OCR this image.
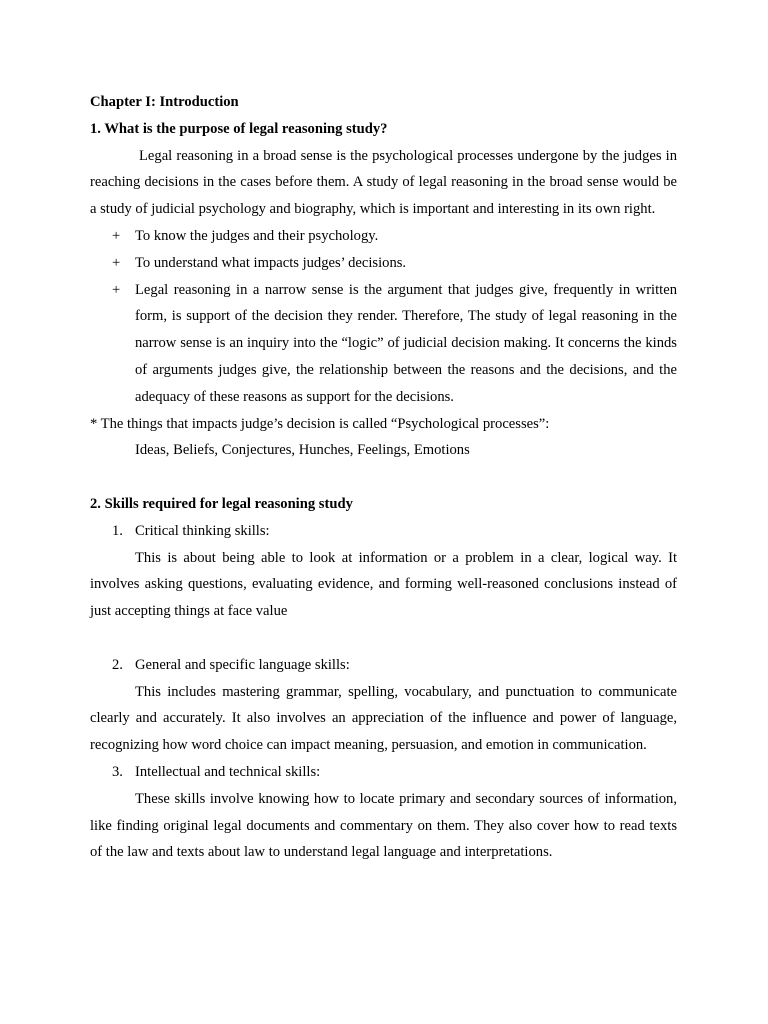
Chapter I: Introduction

1. What is the purpose of legal reasoning study?

Legal reasoning in a broad sense is the psychological processes undergone by the judges in reaching decisions in the cases before them. A study of legal reasoning in the broad sense would be a study of judicial psychology and biography, which is important and interesting in its own right.

+ To know the judges and their psychology.
+ To understand what impacts judges’ decisions.
+ Legal reasoning in a narrow sense is the argument that judges give, frequently in written form, is support of the decision they render. Therefore, The study of legal reasoning in the narrow sense is an inquiry into the “logic” of judicial decision making. It concerns the kinds of arguments judges give, the relationship between the reasons and the decisions, and the adequacy of these reasons as support for the decisions.

* The things that impacts judge’s decision is called “Psychological processes”:

Ideas, Beliefs, Conjectures, Hunches, Feelings, Emotions

2. Skills required for legal reasoning study

1. Critical thinking skills:

This is about being able to look at information or a problem in a clear, logical way. It involves asking questions, evaluating evidence, and forming well-reasoned conclusions instead of just accepting things at face value

2. General and specific language skills:

This includes mastering grammar, spelling, vocabulary, and punctuation to communicate clearly and accurately. It also involves an appreciation of the influence and power of language, recognizing how word choice can impact meaning, persuasion, and emotion in communication.

3. Intellectual and technical skills:

These skills involve knowing how to locate primary and secondary sources of information, like finding original legal documents and commentary on them. They also cover how to read texts of the law and texts about law to understand legal language and interpretations.
